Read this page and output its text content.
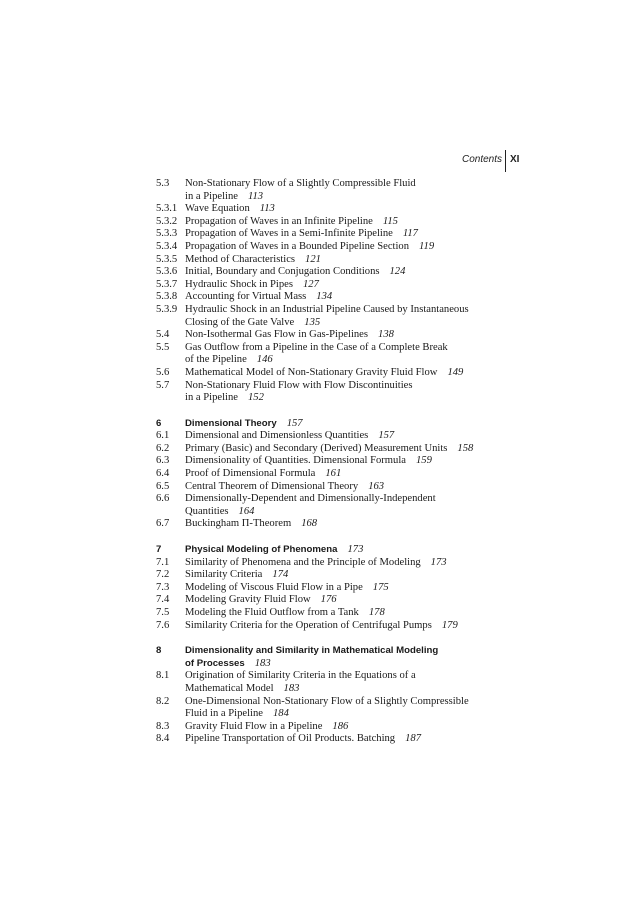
Contents XI
5.3	Non-Stationary Flow of a Slightly Compressible Fluid
in a Pipeline 113
5.3.1 Wave Equation 113
5.3.2 Propagation of Waves in an Infinite Pipeline 115
5.3.3 Propagation of Waves in a Semi-Infinite Pipeline 117
5.3.4 Propagation of Waves in a Bounded Pipeline Section 119
5.3.5 Method of Characteristics 121
5.3.6 Initial, Boundary and Conjugation Conditions 124
5.3.7 Hydraulic Shock in Pipes 127
5.3.8 Accounting for Virtual Mass 134
5.3.9 Hydraulic Shock in an Industrial Pipeline Caused by Instantaneous
Closing of the Gate Valve 135
5.4	Non-Isothermal Gas Flow in Gas-Pipelines 138
5.5	Gas Outflow from a Pipeline in the Case of a Complete Break
of the Pipeline 146
5.6	Mathematical Model of Non-Stationary Gravity Fluid Flow 149
5.7	Non-Stationary Fluid Flow with Flow Discontinuities
in a Pipeline 152
6	Dimensional Theory 157
6.1	Dimensional and Dimensionless Quantities 157
6.2	Primary (Basic) and Secondary (Derived) Measurement Units 158
6.3	Dimensionality of Quantities. Dimensional Formula 159
6.4	Proof of Dimensional Formula 161
6.5	Central Theorem of Dimensional Theory 163
6.6	Dimensionally-Dependent and Dimensionally-Independent
Quantities 164
6.7	Buckingham Π-Theorem 168
7	Physical Modeling of Phenomena 173
7.1	Similarity of Phenomena and the Principle of Modeling 173
7.2	Similarity Criteria 174
7.3	Modeling of Viscous Fluid Flow in a Pipe 175
7.4	Modeling Gravity Fluid Flow 176
7.5	Modeling the Fluid Outflow from a Tank 178
7.6	Similarity Criteria for the Operation of Centrifugal Pumps 179
8	Dimensionality and Similarity in Mathematical Modeling
of Processes 183
8.1	Origination of Similarity Criteria in the Equations of a
Mathematical Model 183
8.2	One-Dimensional Non-Stationary Flow of a Slightly Compressible
Fluid in a Pipeline 184
8.3	Gravity Fluid Flow in a Pipeline 186
8.4	Pipeline Transportation of Oil Products. Batching 187
